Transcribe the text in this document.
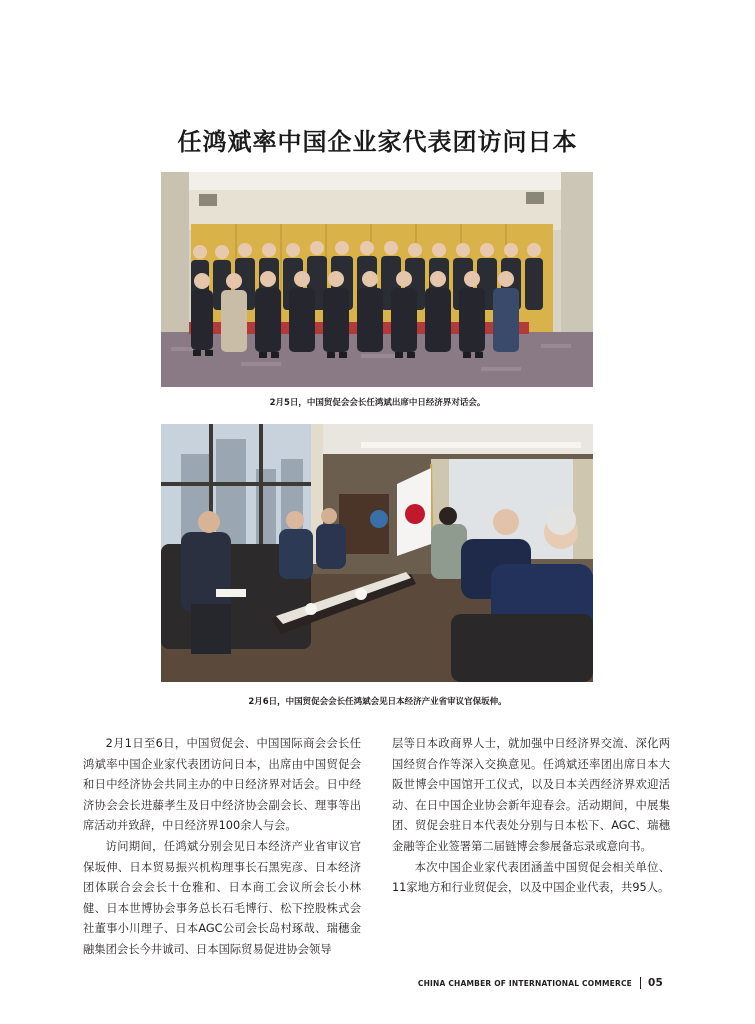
任鸿斌率中国企业家代表团访问日本
2月5日，中国贸促会会长任鸿斌出席中日经济界对话会。
2月6日，中国贸促会会长任鸿斌会见日本经济产业省审议官保坂伸。

2月1日至6日，中国贸促会、中国国际商会会长任鸿斌率中国企业家代表团访问日本，出席由中国贸促会和日中经济协会共同主办的中日经济界对话会。日中经济协会会长进藤孝生及日中经济协会副会长、理事等出席活动并致辞，中日经济界100余人与会。

访问期间，任鸿斌分别会见日本经济产业省审议官保坂伸、日本贸易振兴机构理事长石黑宪彦、日本经济团体联合会会长十仓雅和、日本商工会议所会长小林健、日本世博协会事务总长石毛博行、松下控股株式会社董事小川理子、日本AGC公司会长岛村琢哉、瑞穗金融集团会长今井诚司、日本国际贸易促进协会领导

层等日本政商界人士，就加强中日经济界交流、深化两国经贸合作等深入交换意见。任鸿斌还率团出席日本大阪世博会中国馆开工仪式，以及日本关西经济界欢迎活动、在日中国企业协会新年迎春会。活动期间，中展集团、贸促会驻日本代表处分别与日本松下、AGC、瑞穗金融等企业签署第二届链博会参展备忘录或意向书。

本次中国企业家代表团涵盖中国贸促会相关单位、11家地方和行业贸促会，以及中国企业代表，共95人。

CHINA CHAMBER OF INTERNATIONAL COMMERCE 05
